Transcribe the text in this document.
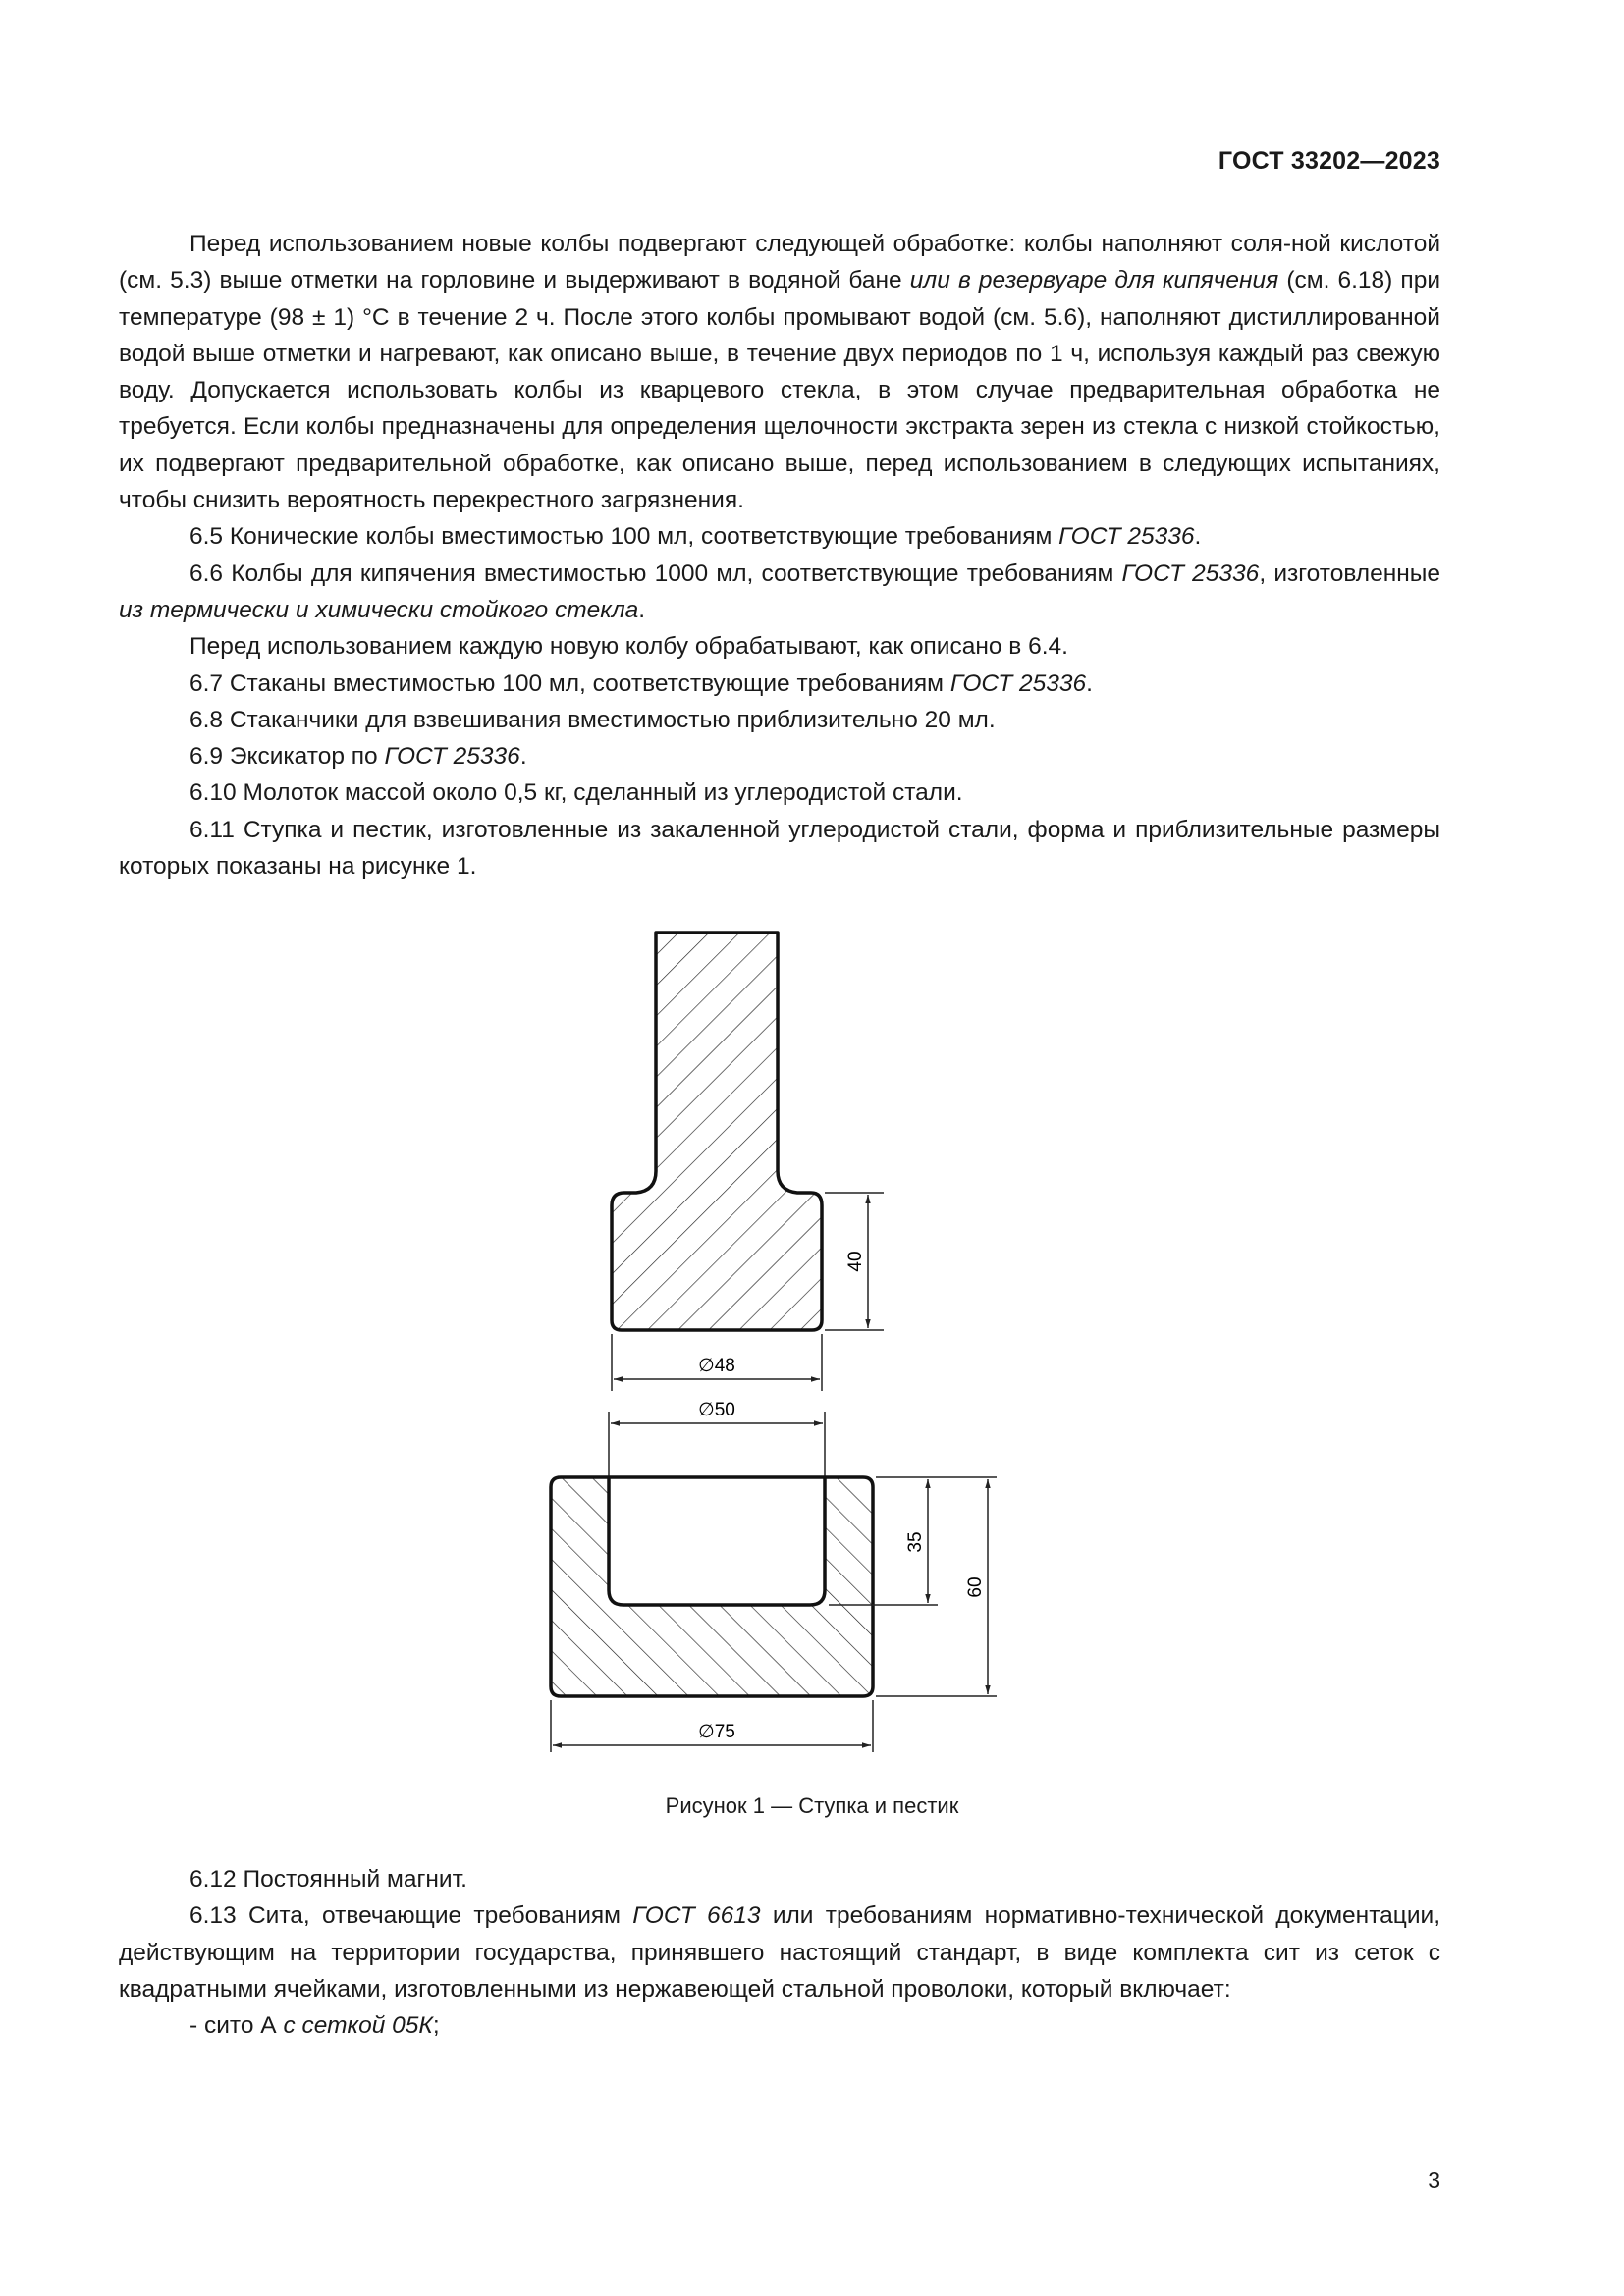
ГОСТ 33202—2023

Перед использованием новые колбы подвергают следующей обработке: колбы наполняют соля-ной кислотой (см. 5.3) выше отметки на горловине и выдерживают в водяной бане или в резервуаре для кипячения (см. 6.18) при температуре (98 ± 1) °С в течение 2 ч. После этого колбы промывают водой (см. 5.6), наполняют дистиллированной водой выше отметки и нагревают, как описано выше, в течение двух периодов по 1 ч, используя каждый раз свежую воду. Допускается использовать колбы из кварцевого стекла, в этом случае предварительная обработка не требуется. Если колбы предназначены для определения щелочности экстракта зерен из стекла с низкой стойкостью, их подвергают предварительной обработке, как описано выше, перед использованием в следующих испытаниях, чтобы снизить вероятность перекрестного загрязнения.

6.5 Конические колбы вместимостью 100 мл, соответствующие требованиям ГОСТ 25336.

6.6 Колбы для кипячения вместимостью 1000 мл, соответствующие требованиям ГОСТ 25336, изготовленные из термически и химически стойкого стекла.

Перед использованием каждую новую колбу обрабатывают, как описано в 6.4.

6.7 Стаканы вместимостью 100 мл, соответствующие требованиям ГОСТ 25336.

6.8 Стаканчики для взвешивания вместимостью приблизительно 20 мл.

6.9 Эксикатор по ГОСТ 25336.

6.10 Молоток массой около 0,5 кг, сделанный из углеродистой стали.

6.11 Ступка и пестик, изготовленные из закаленной углеродистой стали, форма и приблизительные размеры которых показаны на рисунке 1.

40
∅48
∅50
35
60
∅75
Рисунок 1 — Ступка и пестик

6.12 Постоянный магнит.

6.13 Сита, отвечающие требованиям ГОСТ 6613 или требованиям нормативно-технической документации, действующим на территории государства, принявшего настоящий стандарт, в виде комплекта сит из сеток с квадратными ячейками, изготовленными из нержавеющей стальной проволоки, который включает:

- сито А с сеткой 05К;

3
